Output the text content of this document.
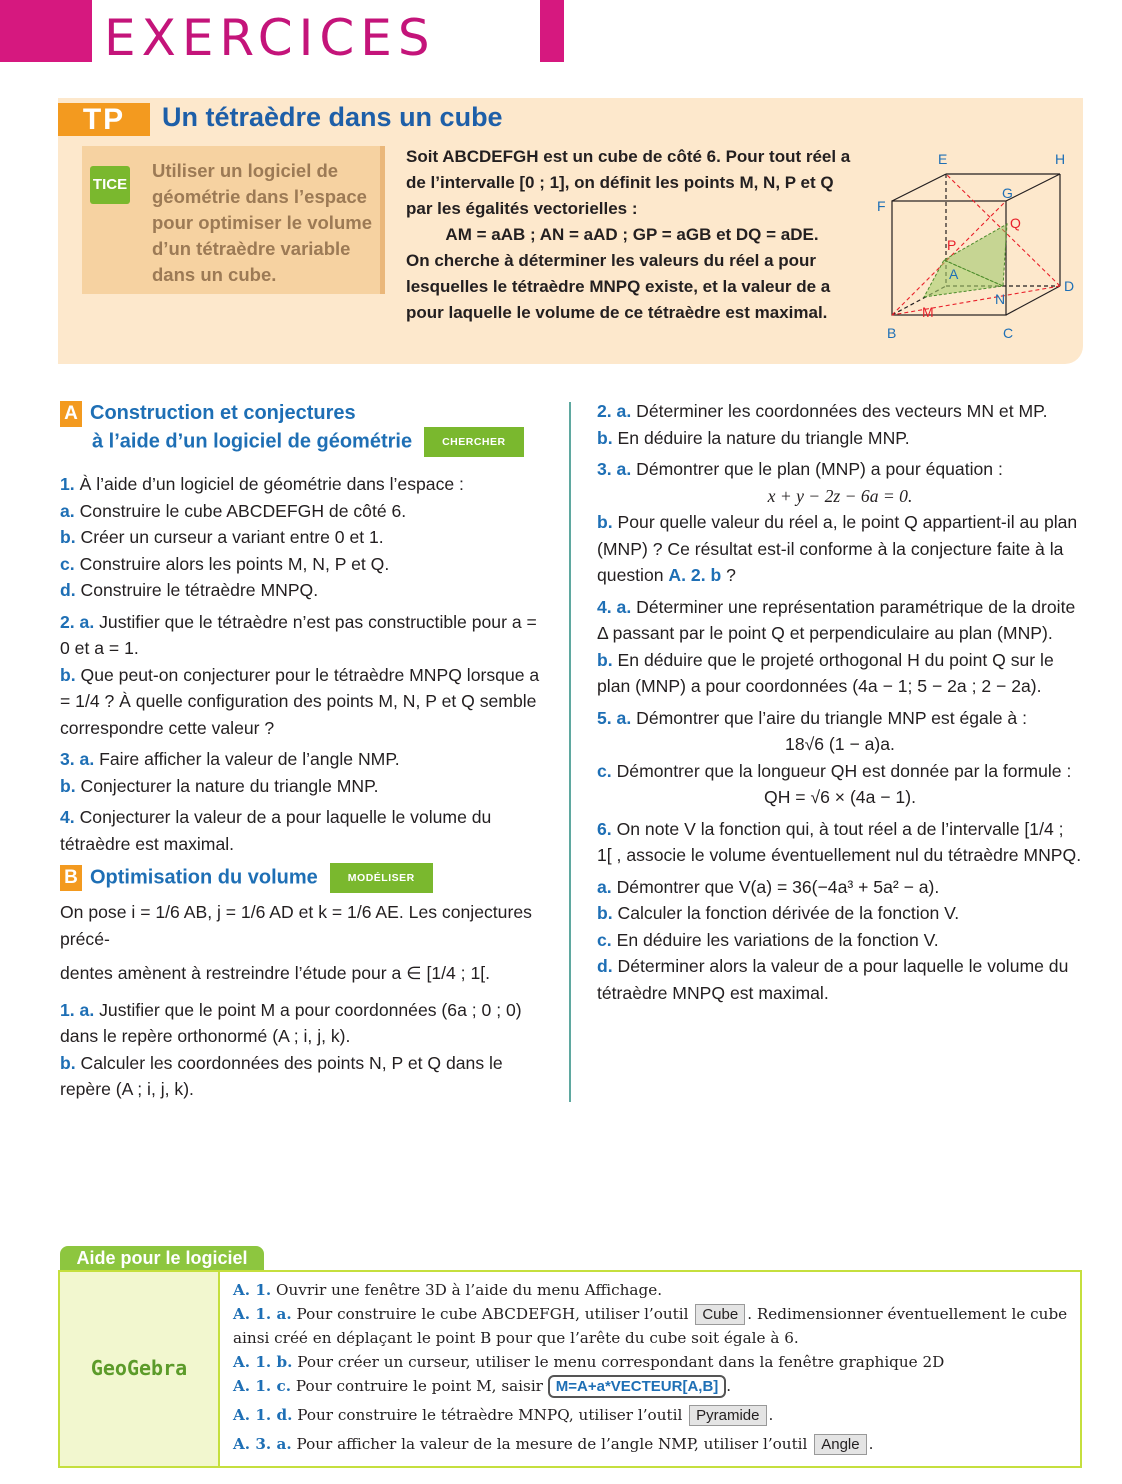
EXERCICES
TP	Un tétraèdre dans un cube
TICE
Utiliser un logiciel de géométrie dans l’espace pour optimiser le volume d’un tétraèdre variable dans un cube.

Soit ABCDEFGH est un cube de côté 6. Pour tout réel a de l’intervalle [0 ; 1], on définit les points M, N, P et Q par les égalités vectorielles :

AM = aAB ; AN = aAD ; GP = aGB et DQ = aDE.

On cherche à déterminer les valeurs du réel a pour lesquelles le tétraèdre MNPQ existe, et la valeur de a pour laquelle le volume de ce tétraèdre est maximal.

E	H
F
G
Q
P
A
N
M
D
B	C
A Construction et conjectures
à l’aide d’un logiciel de géométrie	CHERCHER

1. À l’aide d’un logiciel de géométrie dans l’espace :

a. Construire le cube ABCDEFGH de côté 6.

b. Créer un curseur a variant entre 0 et 1.

c. Construire alors les points M, N, P et Q.

d. Construire le tétraèdre MNPQ.

2. a. Justifier que le tétraèdre n’est pas constructible pour a = 0 et a = 1.

b. Que peut-on conjecturer pour le tétraèdre MNPQ lorsque a = 1/4 ? À quelle configuration des points M, N, P et Q semble correspondre cette valeur ?

3. a. Faire afficher la valeur de l’angle NMP.

b. Conjecturer la nature du triangle MNP.

4. Conjecturer la valeur de a pour laquelle le volume du tétraèdre est maximal.

B Optimisation du volume	MODÉLISER

On pose i = 1/6 AB, j = 1/6 AD et k = 1/6 AE. Les conjectures précé-

dentes amènent à restreindre l’étude pour a ∈ [1/4 ; 1[.

1. a. Justifier que le point M a pour coordonnées (6a ; 0 ; 0) dans le repère orthonormé (A ; i, j, k).

b. Calculer les coordonnées des points N, P et Q dans le repère (A ; i, j, k).

2. a. Déterminer les coordonnées des vecteurs MN et MP.

b. En déduire la nature du triangle MNP.

3. a. Démontrer que le plan (MNP) a pour équation :

x + y − 2z − 6a = 0.

b. Pour quelle valeur du réel a, le point Q appartient-il au plan (MNP) ? Ce résultat est-il conforme à la conjecture faite à la question A. 2. b ?

4. a. Déterminer une représentation paramétrique de la droite Δ passant par le point Q et perpendiculaire au plan (MNP).

b. En déduire que le projeté orthogonal H du point Q sur le plan (MNP) a pour coordonnées (4a − 1; 5 − 2a ; 2 − 2a).

5. a. Démontrer que l’aire du triangle MNP est égale à :

18√6 (1 − a)a.

c. Démontrer que la longueur QH est donnée par la formule :

QH = √6 × (4a − 1).

6. On note V la fonction qui, à tout réel a de l’intervalle [1/4 ; 1[ , associe le volume éventuellement nul du tétraèdre MNPQ.

a. Démontrer que V(a) = 36(−4a³ + 5a² − a).

b. Calculer la fonction dérivée de la fonction V.

c. En déduire les variations de la fonction V.

d. Déterminer alors la valeur de a pour laquelle le volume du tétraèdre MNPQ est maximal.

Aide pour le logiciel
GeoGebra

A. 1. Ouvrir une fenêtre 3D à l’aide du menu Affichage.

A. 1. a. Pour construire le cube ABCDEFGH, utiliser l’outil Cube . Redimensionner éventuellement le cube ainsi créé en déplaçant le point B pour que l’arête du cube soit égale à 6.

A. 1. b. Pour créer un curseur, utiliser le menu correspondant dans la fenêtre graphique 2D

A. 1. c. Pour contruire le point M, saisir M=A+a*VECTEUR[A,B] .

A. 1. d. Pour construire le tétraèdre MNPQ, utiliser l’outil Pyramide .

A. 3. a. Pour afficher la valeur de la mesure de l’angle NMP, utiliser l’outil Angle .
